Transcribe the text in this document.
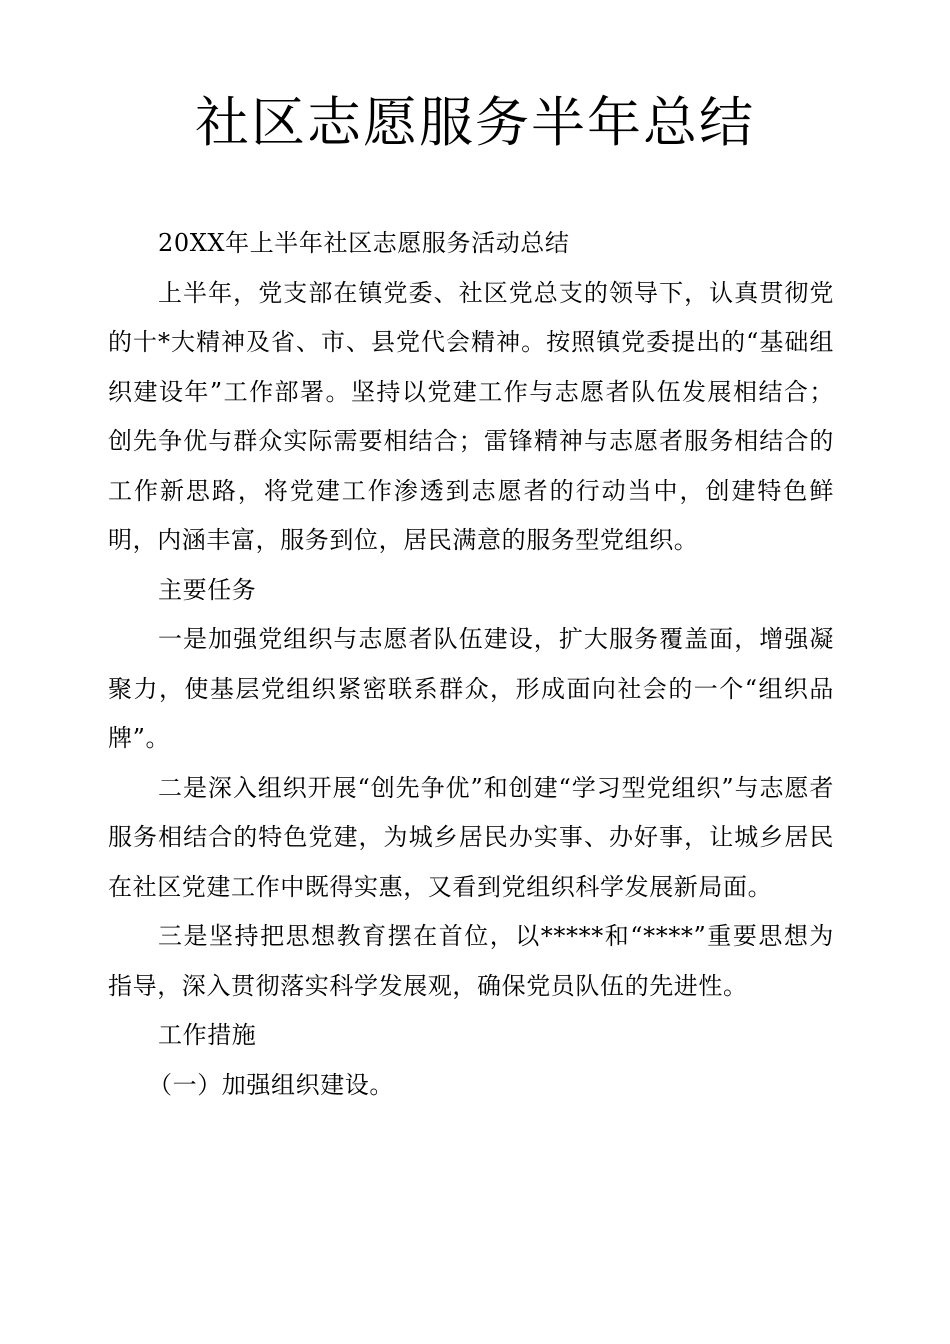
社区志愿服务半年总结

20XX年上半年社区志愿服务活动总结

上半年，党支部在镇党委、社区党总支的领导下，认真贯彻党的十*大精神及省、市、县党代会精神。按照镇党委提出的“基础组织建设年”工作部署。坚持以党建工作与志愿者队伍发展相结合；创先争优与群众实际需要相结合；雷锋精神与志愿者服务相结合的工作新思路，将党建工作渗透到志愿者的行动当中，创建特色鲜明，内涵丰富，服务到位，居民满意的服务型党组织。

主要任务

一是加强党组织与志愿者队伍建设，扩大服务覆盖面，增强凝聚力，使基层党组织紧密联系群众，形成面向社会的一个“组织品牌”。

二是深入组织开展“创先争优”和创建“学习型党组织”与志愿者服务相结合的特色党建，为城乡居民办实事、办好事，让城乡居民在社区党建工作中既得实惠，又看到党组织科学发展新局面。

三是坚持把思想教育摆在首位，以*****和“****”重要思想为指导，深入贯彻落实科学发展观，确保党员队伍的先进性。

工作措施

（一）加强组织建设。
